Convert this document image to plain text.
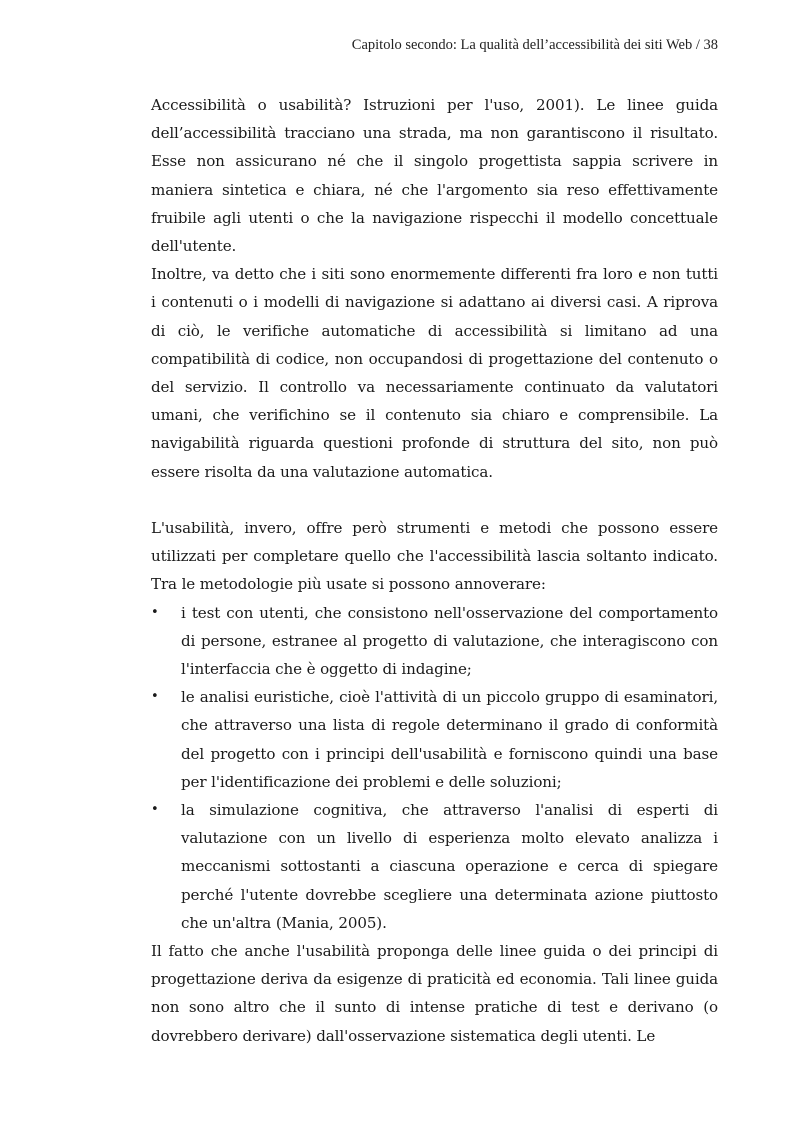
Capitolo secondo: La qualità dell’accessibilità dei siti Web / 38

Accessibilità o usabilità? Istruzioni per l'uso, 2001). Le linee guida dell’accessibilità tracciano una strada, ma non garantiscono il risultato. Esse non assicurano né che il singolo progettista sappia scrivere in maniera sintetica e chiara, né che l'argomento sia reso effettivamente fruibile agli utenti o che la navigazione rispecchi il modello concettuale dell'utente.

Inoltre, va detto che i siti sono enormemente differenti fra loro e non tutti i contenuti o i modelli di navigazione si adattano ai diversi casi. A riprova di ciò, le verifiche automatiche di accessibilità si limitano ad una compatibilità di codice, non occupandosi di progettazione del contenuto o del servizio. Il controllo va necessariamente continuato da valutatori umani, che verifichino se il contenuto sia chiaro e comprensibile. La navigabilità riguarda questioni profonde di struttura del sito, non può essere risolta da una valutazione automatica.

L'usabilità, invero, offre però strumenti e metodi che possono essere utilizzati per completare quello che l'accessibilità lascia soltanto indicato. Tra le metodologie più usate si possono annoverare:

• i test con utenti, che consistono nell'osservazione del comportamento di persone, estranee al progetto di valutazione, che interagiscono con l'interfaccia che è oggetto di indagine;
• le analisi euristiche, cioè l'attività di un piccolo gruppo di esaminatori, che attraverso una lista di regole determinano il grado di conformità del progetto con i principi dell'usabilità e forniscono quindi una base per l'identificazione dei problemi e delle soluzioni;
• la simulazione cognitiva, che attraverso l'analisi di esperti di valutazione con un livello di esperienza molto elevato analizza i meccanismi sottostanti a ciascuna operazione e cerca di spiegare perché l'utente dovrebbe scegliere una determinata azione piuttosto che un'altra (Mania, 2005).

Il fatto che anche l'usabilità proponga delle linee guida o dei principi di progettazione deriva da esigenze di praticità ed economia. Tali linee guida non sono altro che il sunto di intense pratiche di test e derivano (o dovrebbero derivare) dall'osservazione sistematica degli utenti. Le
